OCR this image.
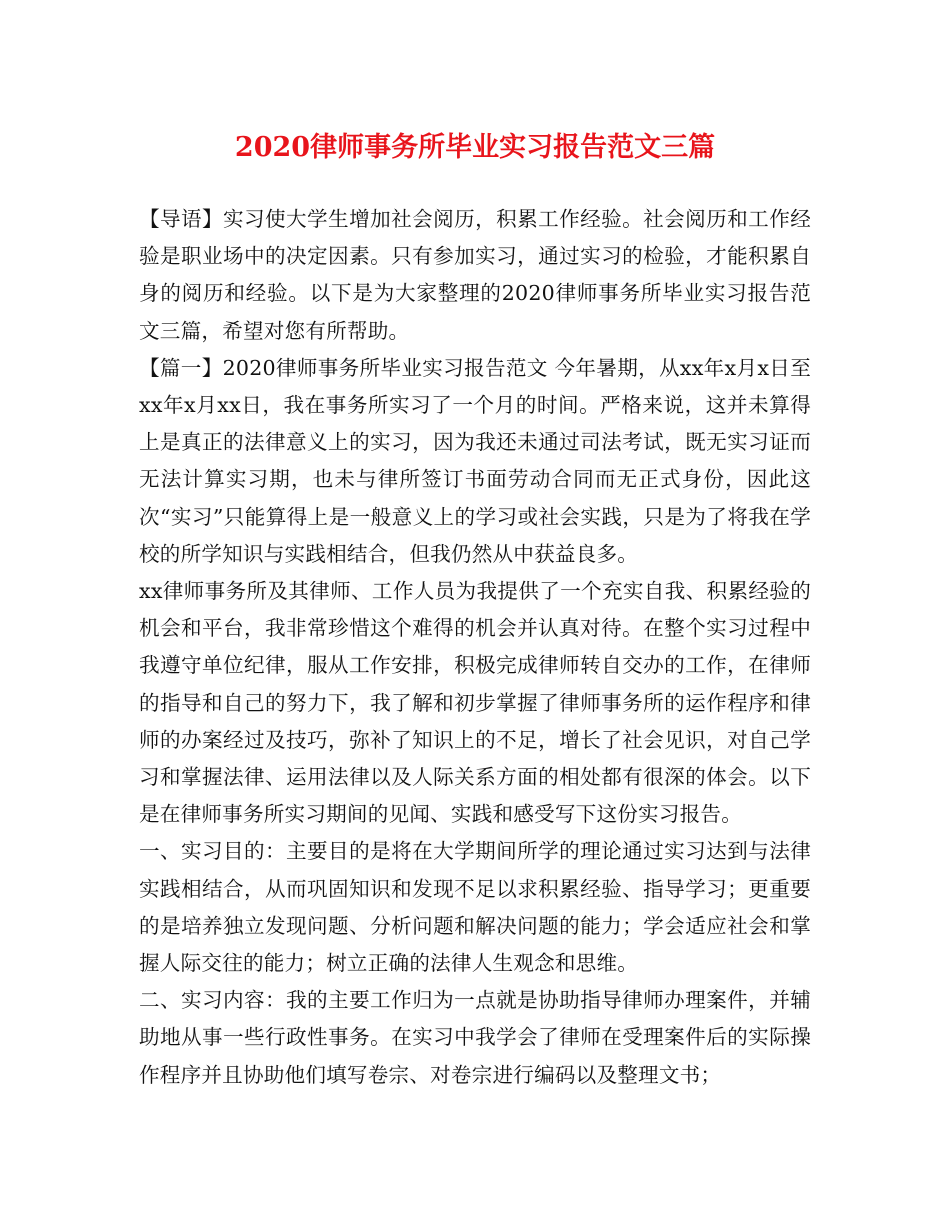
2020律师事务所毕业实习报告范文三篇

【导语】实习使大学生增加社会阅历，积累工作经验。社会阅历和工作经验是职业场中的决定因素。只有参加实习，通过实习的检验，才能积累自身的阅历和经验。以下是为大家整理的2020律师事务所毕业实习报告范文三篇，希望对您有所帮助。

【篇一】2020律师事务所毕业实习报告范文 今年暑期，从xx年x月x日至xx年x月xx日，我在事务所实习了一个月的时间。严格来说，这并未算得上是真正的法律意义上的实习，因为我还未通过司法考试，既无实习证而无法计算实习期，也未与律所签订书面劳动合同而无正式身份，因此这次“实习”只能算得上是一般意义上的学习或社会实践，只是为了将我在学校的所学知识与实践相结合，但我仍然从中获益良多。

xx律师事务所及其律师、工作人员为我提供了一个充实自我、积累经验的机会和平台，我非常珍惜这个难得的机会并认真对待。在整个实习过程中我遵守单位纪律，服从工作安排，积极完成律师转自交办的工作，在律师的指导和自己的努力下，我了解和初步掌握了律师事务所的运作程序和律师的办案经过及技巧，弥补了知识上的不足，增长了社会见识，对自己学习和掌握法律、运用法律以及人际关系方面的相处都有很深的体会。以下是在律师事务所实习期间的见闻、实践和感受写下这份实习报告。

一、实习目的：主要目的是将在大学期间所学的理论通过实习达到与法律实践相结合，从而巩固知识和发现不足以求积累经验、指导学习；更重要的是培养独立发现问题、分析问题和解决问题的能力；学会适应社会和掌握人际交往的能力；树立正确的法律人生观念和思维。

二、实习内容：我的主要工作归为一点就是协助指导律师办理案件，并辅助地从事一些行政性事务。在实习中我学会了律师在受理案件后的实际操作程序并且协助他们填写卷宗、对卷宗进行编码以及整理文书；
